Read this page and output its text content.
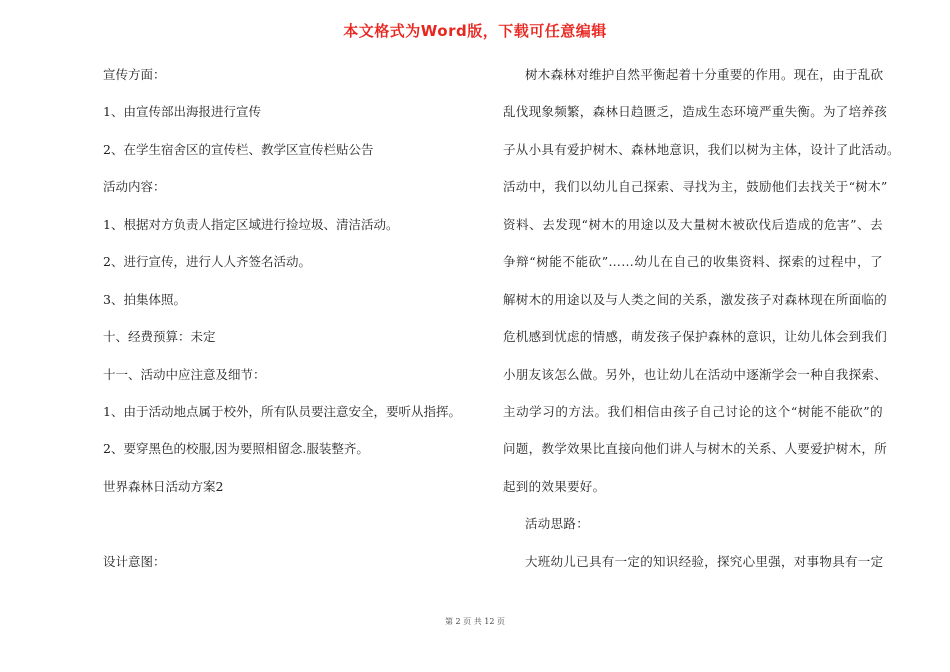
本文格式为Word版，下载可任意编辑
宣传方面：
1、由宣传部出海报进行宣传
2、在学生宿舍区的宣传栏、教学区宣传栏贴公告
活动内容：
1、根据对方负责人指定区域进行捡垃圾、清洁活动。
2、进行宣传，进行人人齐签名活动。
3、拍集体照。
十、经费预算：未定
十一、活动中应注意及细节：
1、由于活动地点属于校外，所有队员要注意安全，要听从指挥。
2、要穿黑色的校服,因为要照相留念.服装整齐。
世界森林日活动方案2
设计意图：
树木森林对维护自然平衡起着十分重要的作用。现在，由于乱砍
乱伐现象频繁，森林日趋匮乏，造成生态环境严重失衡。为了培养孩
子从小具有爱护树木、森林地意识，我们以树为主体，设计了此活动。
活动中，我们以幼儿自己探索、寻找为主，鼓励他们去找关于“树木”
资料、去发现“树木的用途以及大量树木被砍伐后造成的危害”、去
争辩“树能不能砍”……幼儿在自己的收集资料、探索的过程中，了
解树木的用途以及与人类之间的关系，激发孩子对森林现在所面临的
危机感到忧虑的情感，萌发孩子保护森林的意识，让幼儿体会到我们
小朋友该怎么做。另外，也让幼儿在活动中逐渐学会一种自我探索、
主动学习的方法。我们相信由孩子自己讨论的这个“树能不能砍”的
问题，教学效果比直接向他们讲人与树木的关系、人要爱护树木，所
起到的效果要好。
活动思路：
大班幼儿已具有一定的知识经验，探究心里强，对事物具有一定
第 2 页 共 12 页
